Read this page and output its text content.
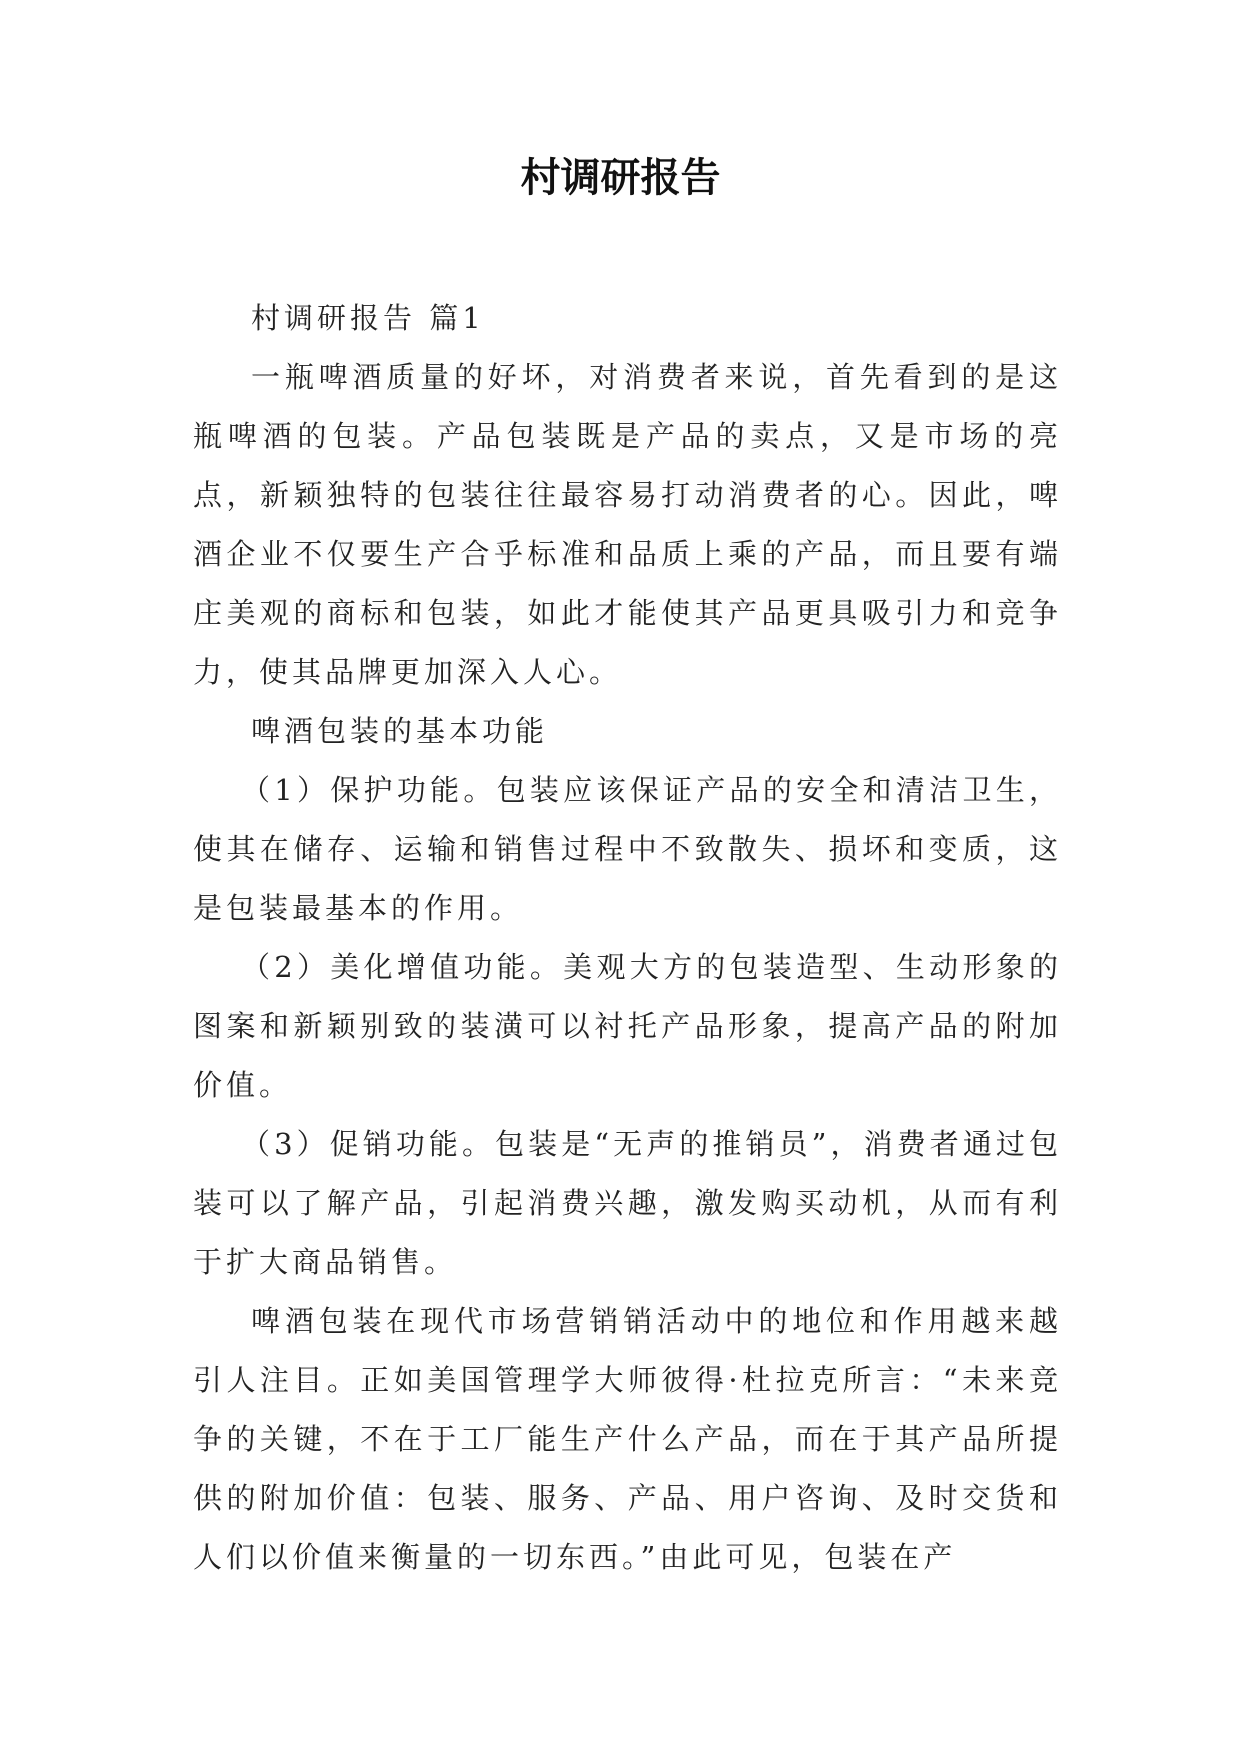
村调研报告

村调研报告 篇1

一瓶啤酒质量的好坏，对消费者来说，首先看到的是这瓶啤酒的包装。产品包装既是产品的卖点，又是市场的亮点，新颖独特的包装往往最容易打动消费者的心。因此，啤酒企业不仅要生产合乎标准和品质上乘的产品，而且要有端庄美观的商标和包装，如此才能使其产品更具吸引力和竞争力，使其品牌更加深入人心。

啤酒包装的基本功能

（1）保护功能。包装应该保证产品的安全和清洁卫生，使其在储存、运输和销售过程中不致散失、损坏和变质，这是包装最基本的作用。

（2）美化增值功能。美观大方的包装造型、生动形象的图案和新颖别致的装潢可以衬托产品形象，提高产品的附加价值。

（3）促销功能。包装是“无声的推销员”，消费者通过包装可以了解产品，引起消费兴趣，激发购买动机，从而有利于扩大商品销售。

啤酒包装在现代市场营销销活动中的地位和作用越来越引人注目。正如美国管理学大师彼得·杜拉克所言：“未来竞争的关键，不在于工厂能生产什么产品，而在于其产品所提供的附加价值：包装、服务、产品、用户咨询、及时交货和人们以价值来衡量的一切东西。”由此可见，包装在产
